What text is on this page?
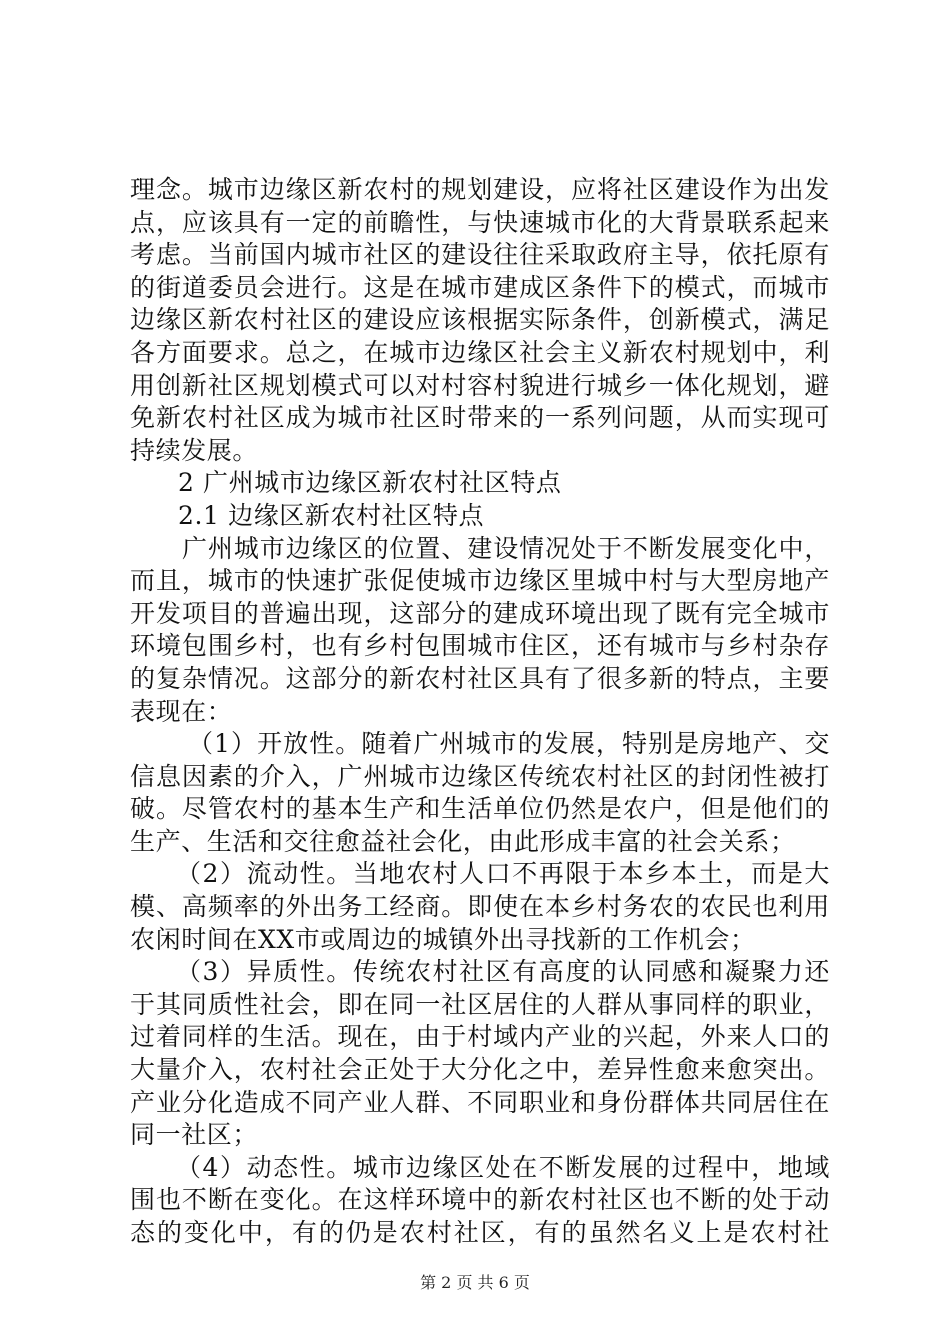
理念。城市边缘区新农村的规划建设，应将社区建设作为出发
点，应该具有一定的前瞻性，与快速城市化的大背景联系起来
考虑。当前国内城市社区的建设往往采取政府主导，依托原有
的街道委员会进行。这是在城市建成区条件下的模式，而城市
边缘区新农村社区的建设应该根据实际条件，创新模式，满足
各方面要求。总之，在城市边缘区社会主义新农村规划中，利
用创新社区规划模式可以对村容村貌进行城乡一体化规划，避
免新农村社区成为城市社区时带来的一系列问题，从而实现可
持续发展。
2 广州城市边缘区新农村社区特点
2.1 边缘区新农村社区特点
广州城市边缘区的位置、建设情况处于不断发展变化中，
而且，城市的快速扩张促使城市边缘区里城中村与大型房地产
开发项目的普遍出现，这部分的建成环境出现了既有完全城市
环境包围乡村，也有乡村包围城市住区，还有城市与乡村杂存
的复杂情况。这部分的新农村社区具有了很多新的特点，主要
表现在：
（1）开放性。随着广州城市的发展，特别是房地产、交
信息因素的介入，广州城市边缘区传统农村社区的封闭性被打
破。尽管农村的基本生产和生活单位仍然是农户，但是他们的
生产、生活和交往愈益社会化，由此形成丰富的社会关系；
（2）流动性。当地农村人口不再限于本乡本土，而是大
模、高频率的外出务工经商。即使在本乡村务农的农民也利用
农闲时间在XX市或周边的城镇外出寻找新的工作机会；
（3）异质性。传统农村社区有高度的认同感和凝聚力还
于其同质性社会，即在同一社区居住的人群从事同样的职业，
过着同样的生活。现在，由于村域内产业的兴起，外来人口的
大量介入，农村社会正处于大分化之中，差异性愈来愈突出。
产业分化造成不同产业人群、不同职业和身份群体共同居住在
同一社区；
（4）动态性。城市边缘区处在不断发展的过程中，地域
围也不断在变化。在这样环境中的新农村社区也不断的处于动
态的变化中，有的仍是农村社区，有的虽然名义上是农村社
第 2 页 共 6 页
